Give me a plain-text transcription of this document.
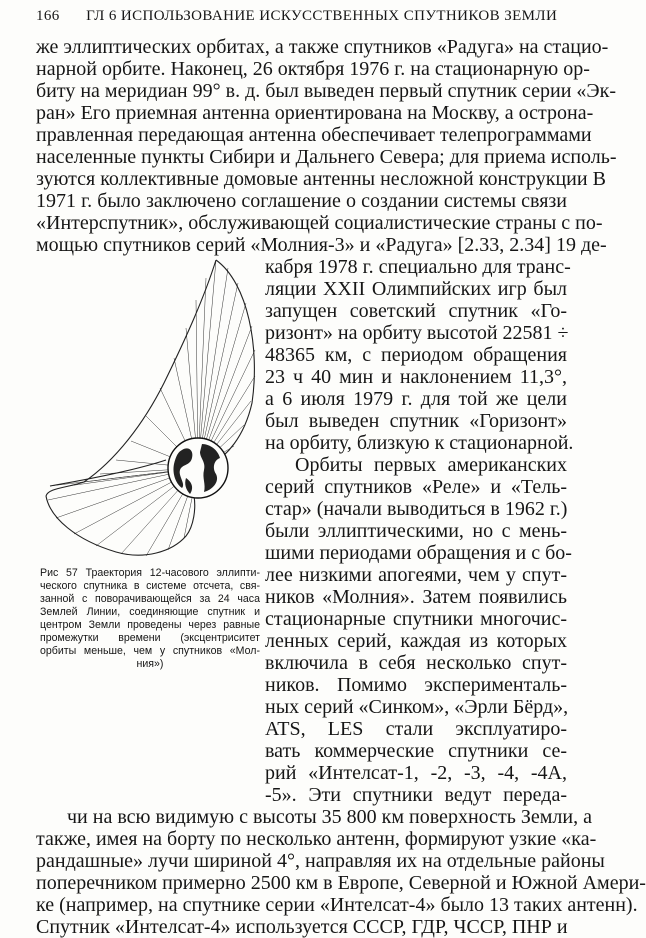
166 ГЛ 6 ИСПОЛЬЗОВАНИЕ ИСКУССТВЕННЫХ СПУТНИКОВ ЗЕМЛИ
же эллиптических орбитах, а также спутников «Радуга» на стацио-
нарной орбите. Наконец, 26 октября 1976 г. на стационарную ор-
биту на меридиан 99° в. д. был выведен первый спутник серии «Эк-
ран» Его приемная антенна ориентирована на Москву, а остронa-
правленная передающая антенна обеспечивает телепрограммами
населенные пункты Сибири и Дальнего Севера; для приема исполь-
зуются коллективные домовые антенны несложной конструкции В
1971 г. было заключено соглашение о создании системы связи
«Интерспутник», обслуживающей социалистические страны с по-
мощью спутников серий «Молния-3» и «Радуга» [2.33, 2.34] 19 де-
кабря 1978 г. специально для транс-
ляции XXII Олимпийских игр был
запущен советский спутник «Го-
ризонт» на орбиту высотой 22581 ÷
48365 км, с периодом обращения
23 ч 40 мин и наклонением 11,3°,
а 6 июля 1979 г. для той же цели
был выведен спутник «Горизонт»
на орбиту, близкую к стационарной.
Орбиты первых американских
серий спутников «Реле» и «Тель-
стар» (начали выводиться в 1962 г.)
были эллиптическими, но с мень-
шими периодами обращения и с бо-
лее низкими апогеями, чем у спут-
ников «Молния». Затем появились
стационарные спутники многочис-
ленных серий, каждая из которых
включила в себя несколько спут-
ников. Помимо экспериментaль-
ных серий «Синком», «Эрли Бёрд»,
ATS, LES стали эксплуатиро-
вать коммерческие спутники се-
рий «Интелсат-1, -2, -3, -4, -4А,
-5». Эти спутники ведут переда-
чи на всю видимую с высоты 35 800 км поверхность Земли, а
также, имея на борту по несколько антенн, формируют узкие «ка-
рандашные» лучи шириной 4°, направляя их на отдельные районы
поперечником примерно 2500 км в Европе, Северной и Южной Амери-
ке (например, на спутнике серии «Интелсат-4» было 13 таких антенн).
Спутник «Интелсат-4» используется СССР, ГДР, ЧССР, ПНР и
Рис 57 Траектория 12-часового эллипти-
ческого спутника в системе отсчета, свя-
занной с поворачивающейся за 24 часа
Землей Линии, соединяющие спутник и
центром Земли проведены через равные
промежутки времени (эксцентриситет
орбиты меньше, чем у спутников «Мол-
ния»)
